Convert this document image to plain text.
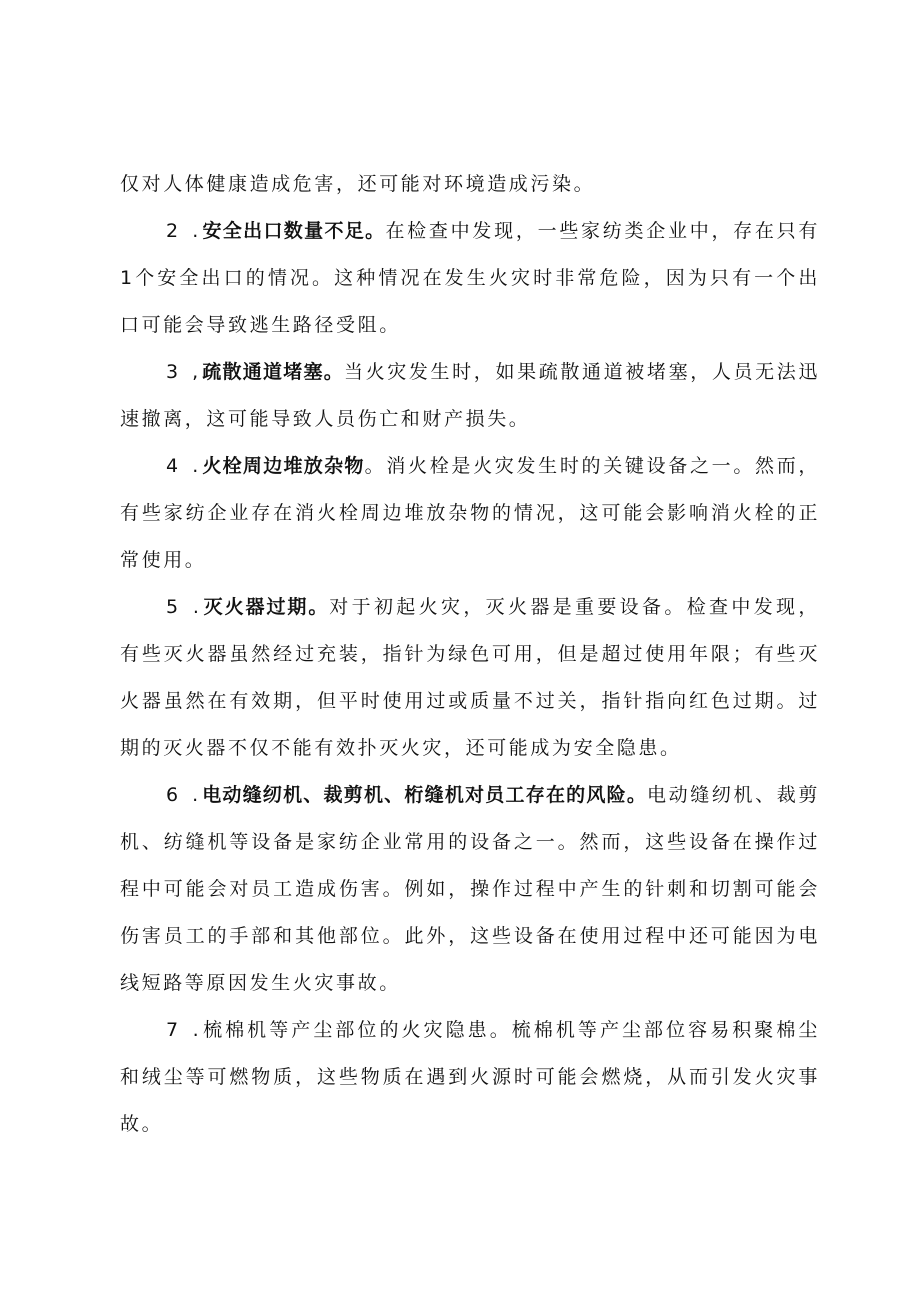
仅对人体健康造成危害，还可能对环境造成污染。

2 .安全出口数量不足。在检查中发现，一些家纺类企业中，存在只有1个安全出口的情况。这种情况在发生火灾时非常危险，因为只有一个出口可能会导致逃生路径受阻。

3 ,疏散通道堵塞。当火灾发生时，如果疏散通道被堵塞，人员无法迅速撤离，这可能导致人员伤亡和财产损失。

4 .火栓周边堆放杂物。消火栓是火灾发生时的关键设备之一。然而，有些家纺企业存在消火栓周边堆放杂物的情况，这可能会影响消火栓的正常使用。

5 .灭火器过期。对于初起火灾，灭火器是重要设备。检查中发现，有些灭火器虽然经过充装，指针为绿色可用，但是超过使用年限；有些灭火器虽然在有效期，但平时使用过或质量不过关，指针指向红色过期。过期的灭火器不仅不能有效扑灭火灾，还可能成为安全隐患。

6 .电动缝纫机、裁剪机、桁缝机对员工存在的风险。电动缝纫机、裁剪机、纺缝机等设备是家纺企业常用的设备之一。然而，这些设备在操作过程中可能会对员工造成伤害。例如，操作过程中产生的针刺和切割可能会伤害员工的手部和其他部位。此外，这些设备在使用过程中还可能因为电线短路等原因发生火灾事故。

7 .梳棉机等产尘部位的火灾隐患。梳棉机等产尘部位容易积聚棉尘和绒尘等可燃物质，这些物质在遇到火源时可能会燃烧，从而引发火灾事故。
